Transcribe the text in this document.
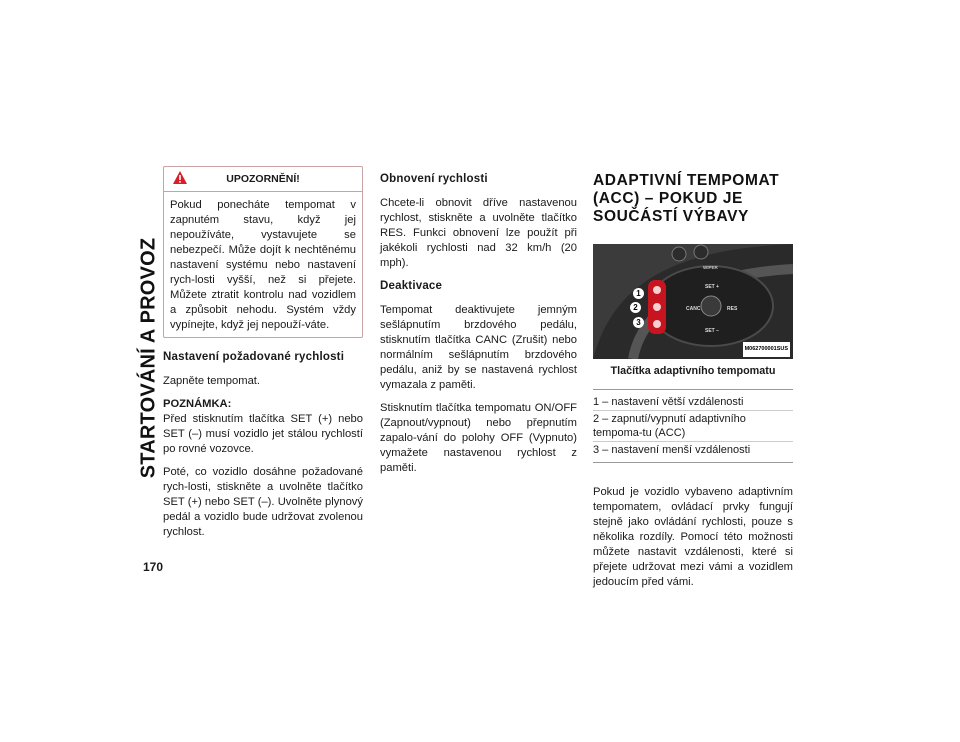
STARTOVÁNÍ A PROVOZ
170
UPOZORNĚNÍ!

Pokud ponecháte tempomat v zapnutém stavu, když jej nepoužíváte, vystavujete se nebezpečí. Může dojít k nechtěnému nastavení systému nebo nastavení rych-losti vyšší, než si přejete. Můžete ztratit kontrolu nad vozidlem a způsobit nehodu. Systém vždy vypínejte, když jej nepouží-váte.

Nastavení požadované rychlosti

Zapněte tempomat.

POZNÁMKA:
Před stisknutím tlačítka SET (+) nebo SET (–) musí vozidlo jet stálou rychlostí po rovné vozovce.

Poté, co vozidlo dosáhne požadované rych-losti, stiskněte a uvolněte tlačítko SET (+) nebo SET (–). Uvolněte plynový pedál a vozidlo bude udržovat zvolenou rychlost.

Obnovení rychlosti

Chcete-li obnovit dříve nastavenou rychlost, stiskněte a uvolněte tlačítko RES. Funkci obnovení lze použít při jakékoli rychlosti nad 32 km/h (20 mph).

Deaktivace

Tempomat deaktivujete jemným sešlápnutím brzdového pedálu, stisknutím tlačítka CANC (Zrušit) nebo normálním sešlápnutím brzdového pedálu, aniž by se nastavená rychlost vymazala z paměti.

Stisknutím tlačítka tempomatu ON/OFF (Zapnout/vypnout) nebo přepnutím zapalo-vání do polohy OFF (Vypnuto) vymažete nastavenou rychlost z paměti.

ADAPTIVNÍ TEMPOMAT (ACC) – POKUD JE SOUČÁSTÍ VÝBAVY
SET +
CANC	RES
SET –
WIPER
1
2
3
M062700001SUS
Tlačítka adaptivního tempomatu
1 – nastavení větší vzdálenosti
2 – zapnutí/vypnutí adaptivního tempoma-tu (ACC)
3 – nastavení menší vzdálenosti

Pokud je vozidlo vybaveno adaptivním tempomatem, ovládací prvky fungují stejně jako ovládání rychlosti, pouze s několika rozdíly. Pomocí této možnosti můžete nastavit vzdálenosti, které si přejete udržovat mezi vámi a vozidlem jedoucím před vámi.
